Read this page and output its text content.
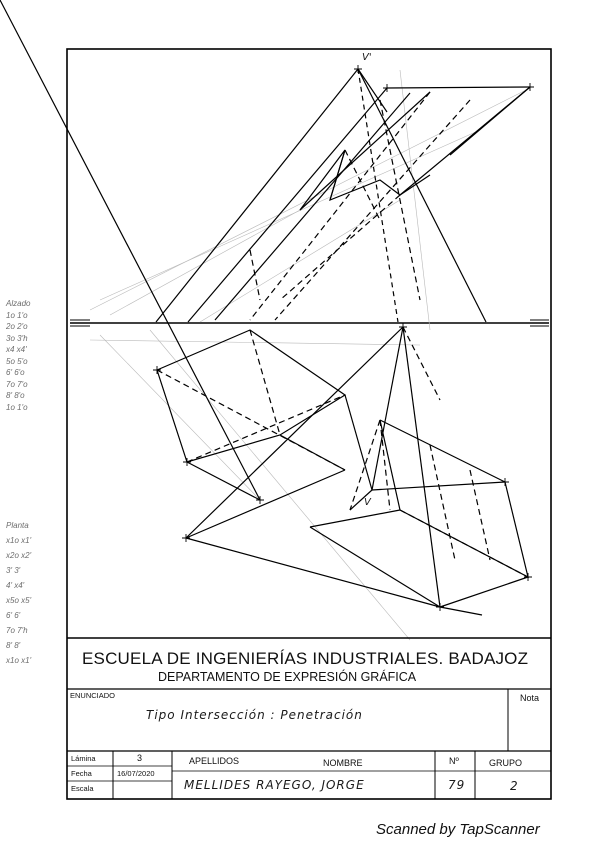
V'
V
Alzado
1o 1'o
2o 2'o
3o 3'h
x4 x4'
5o 5'o
6' 6'o
7o 7'o
8' 8'o
1o 1'o
Planta
x1o x1'
x2o x2'
3' 3'
4' x4'
x5o x5'
6' 6'
7o 7'h
8' 8'
x1o x1'	ESCUELA DE INGENIERÍAS INDUSTRIALES. BADAJOZ
DEPARTAMENTO DE EXPRESIÓN GRÁFICA
ENUNCIADO
Tipo Intersección : Penetración
Nota
Lámina	3
Fecha	16/07/2020
Escala
APELLIDOS	NOMBRE
MELLIDES RAYEGO, JORGE
Nº
79
GRUPO
2
Scanned by TapScanner
